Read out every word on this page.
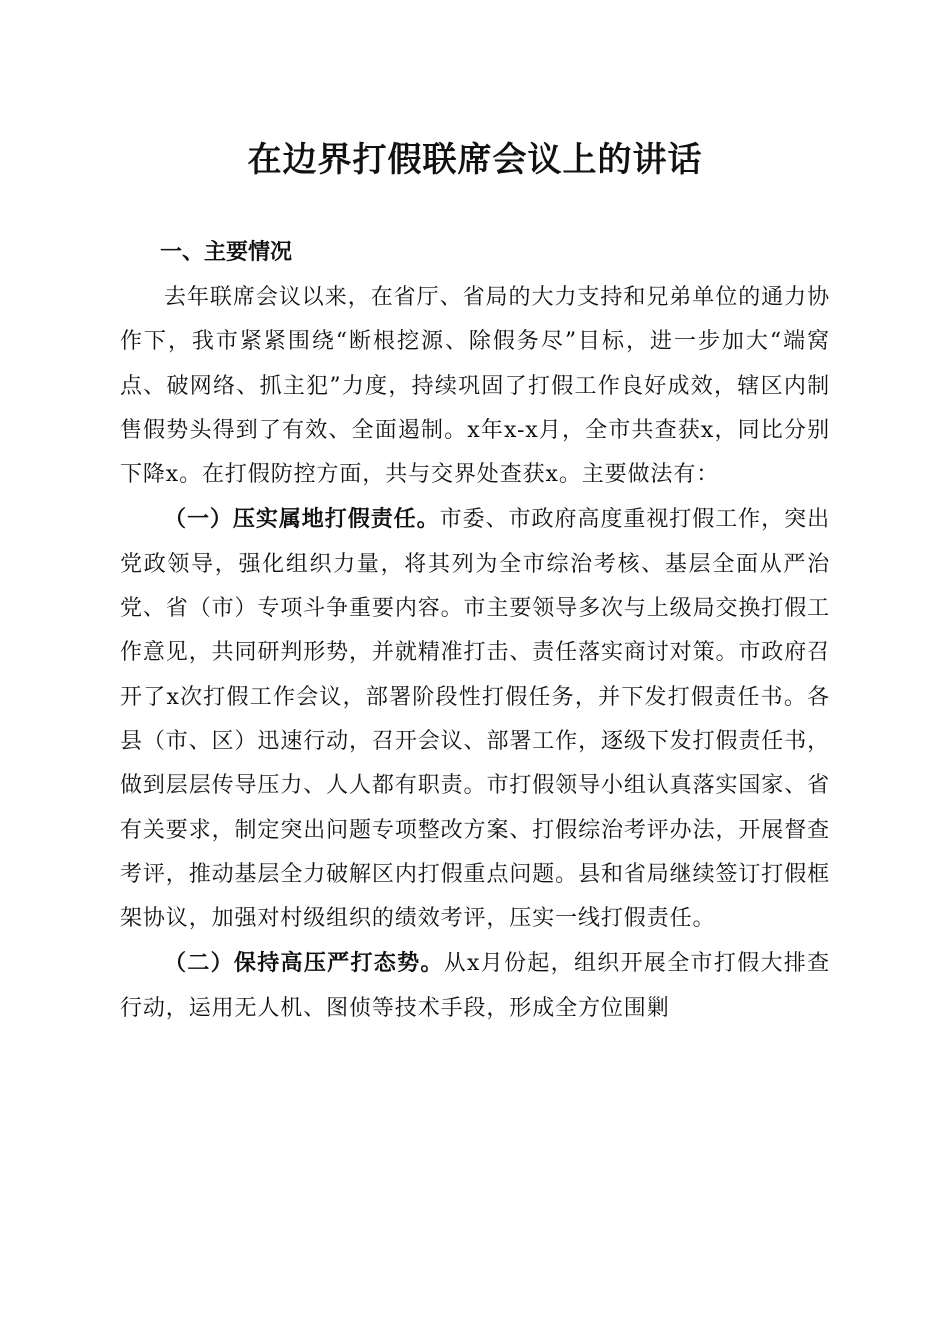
在边界打假联席会议上的讲话
一、主要情况

去年联席会议以来，在省厅、省局的大力支持和兄弟单位的通力协作下，我市紧紧围绕“断根挖源、除假务尽”目标，进一步加大“端窝点、破网络、抓主犯”力度，持续巩固了打假工作良好成效，辖区内制售假势头得到了有效、全面遏制。x年x-x月，全市共查获x，同比分别下降x。在打假防控方面，共与交界处查获x。主要做法有：

（一）压实属地打假责任。市委、市政府高度重视打假工作，突出党政领导，强化组织力量，将其列为全市综治考核、基层全面从严治党、省（市）专项斗争重要内容。市主要领导多次与上级局交换打假工作意见，共同研判形势，并就精准打击、责任落实商讨对策。市政府召开了x次打假工作会议，部署阶段性打假任务，并下发打假责任书。各县（市、区）迅速行动，召开会议、部署工作，逐级下发打假责任书，做到层层传导压力、人人都有职责。市打假领导小组认真落实国家、省有关要求，制定突出问题专项整改方案、打假综治考评办法，开展督查考评，推动基层全力破解区内打假重点问题。县和省局继续签订打假框架协议，加强对村级组织的绩效考评，压实一线打假责任。

（二）保持高压严打态势。从x月份起，组织开展全市打假大排查行动，运用无人机、图侦等技术手段，形成全方位围剿
